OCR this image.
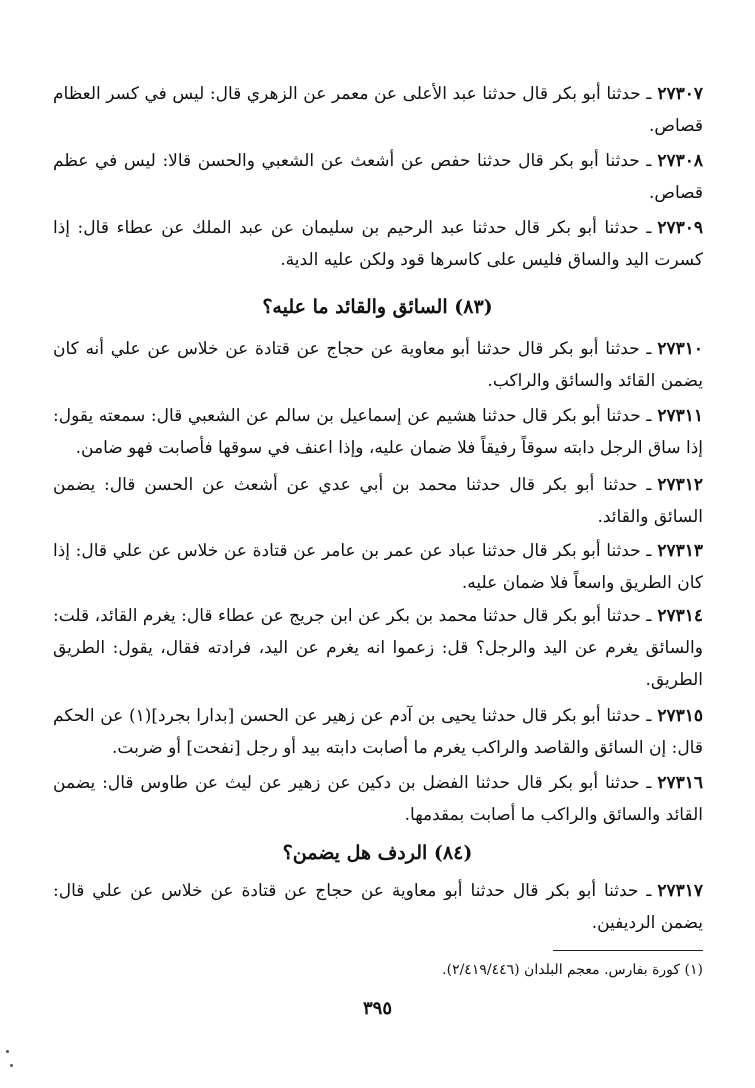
٢٧٣٠٧ـ حدثنا أبو بكر قال حدثنا عبد الأعلى عن معمر عن الزهري قال: ليس في كسر العظام قصاص.

٢٧٣٠٨ـ حدثنا أبو بكر قال حدثنا حفص عن أشعث عن الشعبي والحسن قالا: ليس في عظم قصاص.

٢٧٣٠٩ـ حدثنا أبو بكر قال حدثنا عبد الرحيم بن سليمان عن عبد الملك عن عطاء قال: إذا كسرت اليد والساق فليس على كاسرها قود ولكن عليه الدية.

(٨٣) السائق والقائد ما عليه؟

٢٧٣١٠ـ حدثنا أبو بكر قال حدثنا أبو معاوية عن حجاج عن قتادة عن خلاس عن علي أنه كان يضمن القائد والسائق والراكب.

٢٧٣١١ـ حدثنا أبو بكر قال حدثنا هشيم عن إسماعيل بن سالم عن الشعبي قال: سمعته يقول: إذا ساق الرجل دابته سوقاً رفيقاً فلا ضمان عليه، وإذا اعنف في سوقها فأصابت فهو ضامن.

٢٧٣١٢ـ حدثنا أبو بكر قال حدثنا محمد بن أبي عدي عن أشعث عن الحسن قال: يضمن السائق والقائد.

٢٧٣١٣ـ حدثنا أبو بكر قال حدثنا عباد عن عمر بن عامر عن قتادة عن خلاس عن علي قال: إذا كان الطريق واسعاً فلا ضمان عليه.

٢٧٣١٤ـ حدثنا أبو بكر قال حدثنا محمد بن بكر عن ابن جريج عن عطاء قال: يغرم القائد، قلت: والسائق يغرم عن اليد والرجل؟ قل: زعموا انه يغرم عن اليد، فرادته فقال، يقول: الطريق الطريق.

٢٧٣١٥ـ حدثنا أبو بكر قال حدثنا يحيى بن آدم عن زهير عن الحسن [بدارا بجرد](١) عن الحكم قال: إن السائق والقاصد والراكب يغرم ما أصابت دابته بيد أو رجل [نفحت] أو ضربت.

٢٧٣١٦ـ حدثنا أبو بكر قال حدثنا الفضل بن دكين عن زهير عن ليث عن طاوس قال: يضمن القائد والسائق والراكب ما أصابت بمقدمها.

(٨٤) الردف هل يضمن؟

٢٧٣١٧ـ حدثنا أبو بكر قال حدثنا أبو معاوية عن حجاج عن قتادة عن خلاس عن علي قال: يضمن الرديفين.

(١) كورة بفارس. معجم البلدان (٢/٤١٩/٤٤٦).
٣٩٥
